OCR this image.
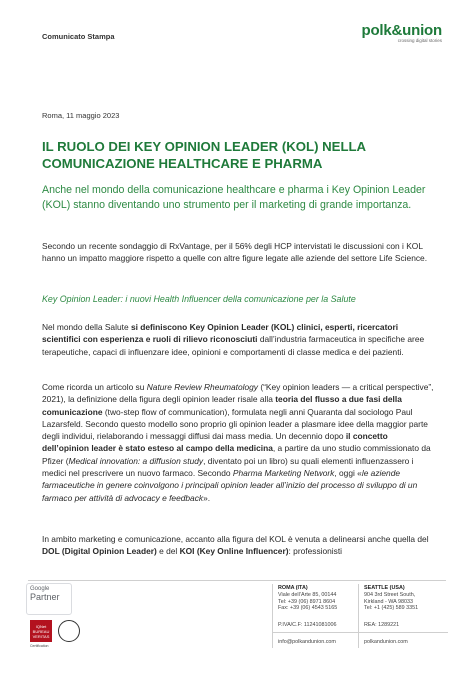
Comunicato Stampa	polk&union
crossing digital stories
Roma, 11 maggio 2023
IL RUOLO DEI KEY OPINION LEADER (KOL) NELLA COMUNICAZIONE HEALTHCARE E PHARMA
Anche nel mondo della comunicazione healthcare e pharma i Key Opinion Leader (KOL) stanno diventando uno strumento per il marketing di grande importanza.
Secondo un recente sondaggio di RxVantage, per il 56% degli HCP intervistati le discussioni con i KOL hanno un impatto maggiore rispetto a quelle con altre figure legate alle aziende del settore Life Science.
Key Opinion Leader: i nuovi Health Influencer della comunicazione per la Salute
Nel mondo della Salute si definiscono Key Opinion Leader (KOL) clinici, esperti, ricercatori scientifici con esperienza e ruoli di rilievo riconosciuti dall’industria farmaceutica in specifiche aree terapeutiche, capaci di influenzare idee, opinioni e comportamenti di classe medica e dei pazienti.
Come ricorda un articolo su Nature Review Rheumatology (“Key opinion leaders — a critical perspective”, 2021), la definizione della figura degli opinion leader risale alla teoria del flusso a due fasi della comunicazione (two-step flow of communication), formulata negli anni Quaranta dal sociologo Paul Lazarsfeld. Secondo questo modello sono proprio gli opinion leader a plasmare idee della maggior parte degli individui, rielaborando i messaggi diffusi dai mass media. Un decennio dopo il concetto dell’opinion leader è stato esteso al campo della medicina, a partire da uno studio commissionato da Pfizer (Medical innovation: a diffusion study, diventato poi un libro) su quali elementi influenzassero i medici nel prescrivere un nuovo farmaco. Secondo Pharma Marketing Network, oggi «le aziende farmaceutiche in genere coinvolgono i principali opinion leader all’inizio del processo di sviluppo di un farmaco per attività di advocacy e feedback».
In ambito marketing e comunicazione, accanto alla figura del KOL è venuta a delinearsi anche quella del DOL (Digital Opinion Leader) e del KOI (Key Online Influencer): professionisti
Google
Partner
IQNet BUREAU VERITAS
Certification
ROMA (ITA)
Viale dell’Arte 85, 00144
Tel: +39 (06) 8971 8604
Fax: +39 (06) 4543 5165
SEATTLE (USA)
904 3rd Street South,
Kirkland - WA 98033
Tel: +1 (425) 589 3351
P.IVA/C.F: 11241081006	REA: 1289221
info@polkandunion.com	polkandunion.com
